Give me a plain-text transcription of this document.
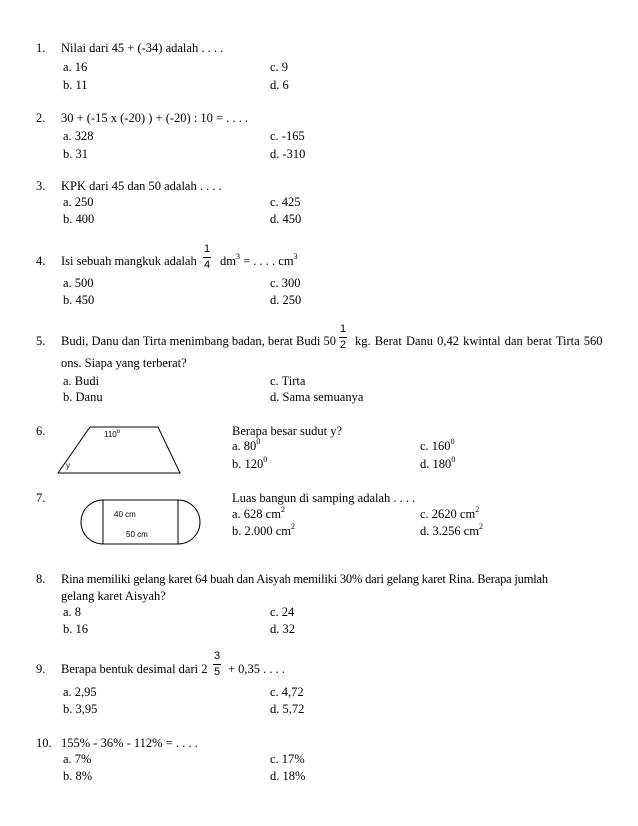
1. Nilai dari 45 + (-34) adalah . . . .
a. 16
b. 11
c. 9
d. 6
2. 30 + (-15 x (-20) ) + (-20) : 10 = . . . .
a. 328
b. 31
c. -165
d. -310
3. KPK dari 45 dan 50 adalah . . . .
a. 250
b. 400
c. 425
d. 450
4. Isi sebuah mangkuk adalah
1
4 $dm^3$ = . . . . $cm^3$
a. 500
b. 450
c. 300
d. 250
5. Budi, Danu dan Tirta menimbang badan, berat Budi 50
1
2 kg. Berat Danu 0,42 kwintal dan berat Tirta 560
ons. Siapa yang terberat?
a. Budi
b. Danu
c. Tirta
d. Sama semuanya
6.	110$^o$
y
Berapa besar sudut y?
a. $80^0$
b. $120^0$
c. $160^0$
d. $180^0$
7.
40 cm
50 cm
Luas bangun di samping adalah . . . .
a. 628 $cm^2$
b. 2.000 $cm^2$
c. 2620 $cm^2$
d. 3.256 $cm^2$
8. Rina memiliki gelang karet 64 buah dan Aisyah memiliki 30% dari gelang karet Rina. Berapa jumlah
gelang karet Aisyah?
a. 8
b. 16
c. 24
d. 32
9. Berapa bentuk desimal dari 2
3
5 + 0,35 . . . .
a. 2,95
b. 3,95
c. 4,72
d. 5,72
10. 155% - 36% - 112% = . . . .
a. 7%
b. 8%
c. 17%
d. 18%
